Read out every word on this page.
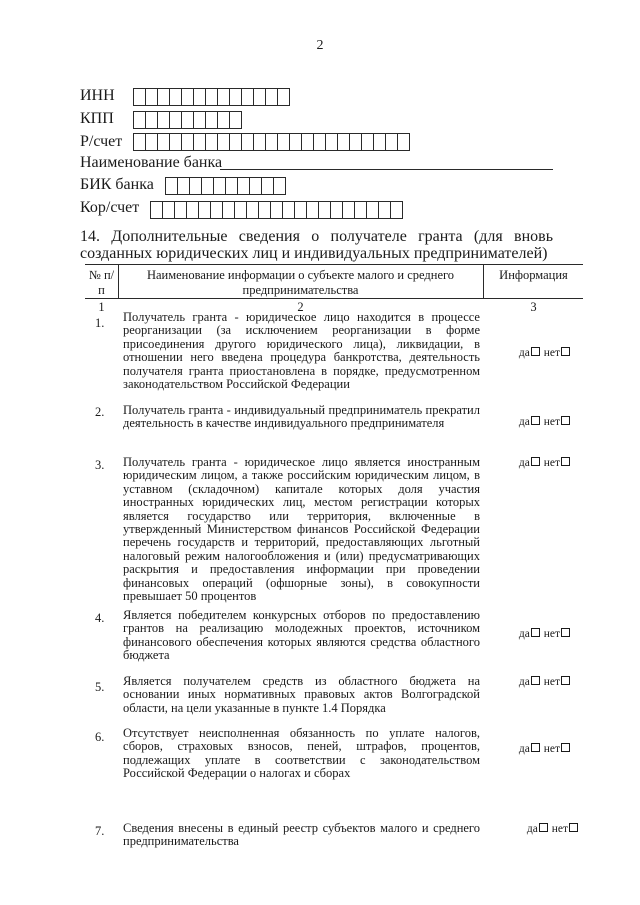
2
ИНН
КПП
Р/счет
Наименование банка
БИК банка
Кор/счет
14. Дополнительные сведения о получателе гранта (для вновь созданных юридических лиц и индивидуальных предпринимателей)
№ п/п
Наименование информации о субъекте малого и среднего предпринимательства
Информация
1	2	3
1.	Получатель гранта - юридическое лицо находится в процессе реорганизации (за исключением реорганизации в форме присоединения другого юридического лица), ликвидации, в отношении него введена процедура банкротства, деятельность получателя гранта приостановлена в порядке, предусмотренном законодательством Российской Федерации
да нет
2.	Получатель гранта - индивидуальный предприниматель прекратил деятельность в качестве индивидуального предпринимателя	да нет
3.	Получатель гранта - юридическое лицо является иностранным юридическим лицом, а также российским юридическим лицом, в уставном (складочном) капитале которых доля участия иностранных юридических лиц, местом регистрации которых является государство или территория, включенные в утвержденный Министерством финансов Российской Федерации перечень государств и территорий, предоставляющих льготный налоговый режим налогообложения и (или) предусматривающих раскрытия и предоставления информации при проведении финансовых операций (офшорные зоны), в совокупности превышает 50 процентов
да нет
4.	Является победителем конкурсных отборов по предоставлению грантов на реализацию молодежных проектов, источником финансового обеспечения которых являются средства областного бюджета
да нет
5.	Является получателем средств из областного бюджета на основании иных нормативных правовых актов Волгоградской области, на цели указанные в пункте 1.4 Порядка
да нет
6.	Отсутствует неисполненная обязанность по уплате налогов, сборов, страховых взносов, пеней, штрафов, процентов, подлежащих уплате в соответствии с законодательством Российской Федерации о налогах и сборах
да нет
7.	Сведения внесены в единый реестр субъектов малого и среднего предпринимательства
да нет
